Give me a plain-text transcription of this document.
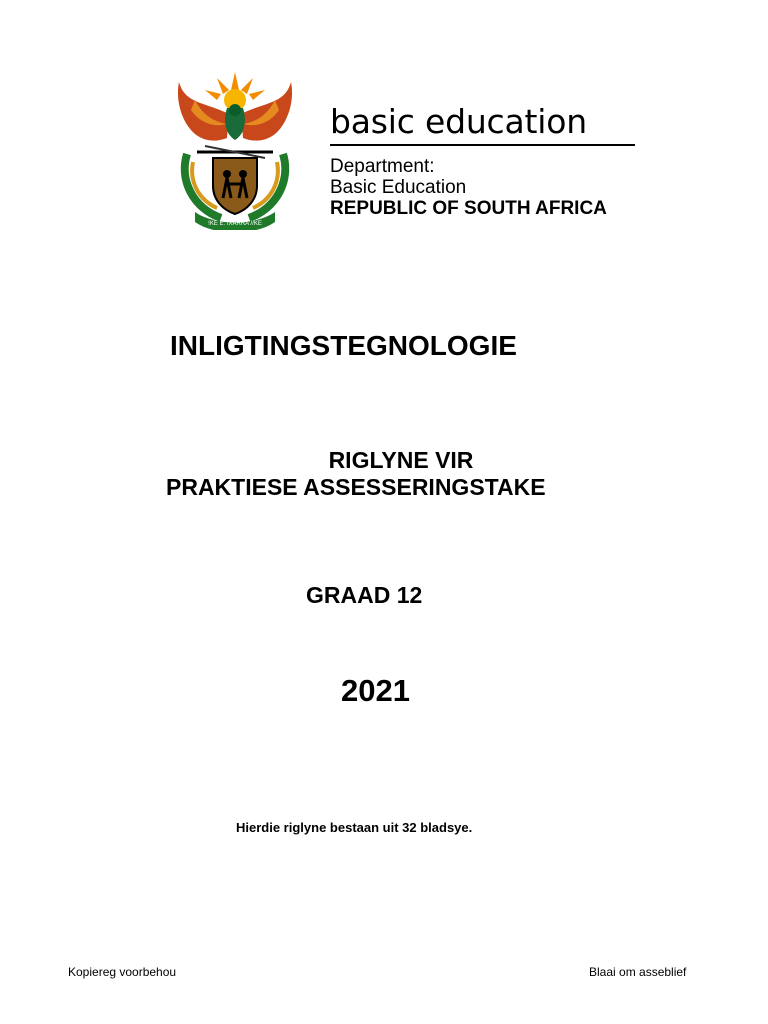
!KE E: /XARRA //KE
basic education
Department:
Basic Education
REPUBLIC OF SOUTH AFRICA
INLIGTINGSTEGNOLOGIE
RIGLYNE VIR
PRAKTIESE ASSESSERINGSTAKE
GRAAD 12
2021
Hierdie riglyne bestaan uit 32 bladsye.
Kopiereg voorbehou	Blaai om asseblief
